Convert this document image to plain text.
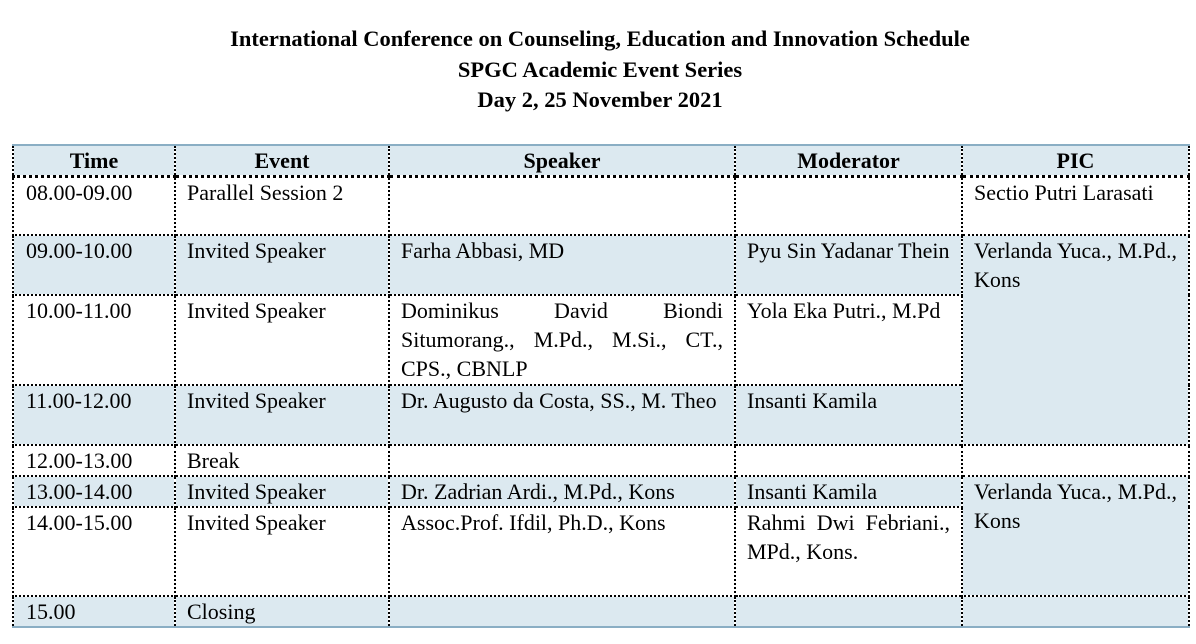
International Conference on Counseling, Education and Innovation Schedule
SPGC Academic Event Series
Day 2, 25 November 2021
Time	Event	Speaker	Moderator	PIC
08.00-09.00	Parallel Session 2			Sectio Putri Larasati
09.00-10.00	Invited Speaker	Farha Abbasi, MD	Pyu Sin Yadanar Thein	Verlanda Yuca., M.Pd., Kons
10.00-11.00	Invited Speaker	Dominikus David Biondi Situmorang., M.Pd., M.Si., CT., CPS., CBNLP	Yola Eka Putri., M.Pd	
11.00-12.00	Invited Speaker	Dr. Augusto da Costa, SS., M. Theo	Insanti Kamila	
12.00-13.00	Break			
13.00-14.00	Invited Speaker	Dr. Zadrian Ardi., M.Pd., Kons	Insanti Kamila	Verlanda Yuca., M.Pd., Kons
14.00-15.00	Invited Speaker	Assoc.Prof. Ifdil, Ph.D., Kons	Rahmi Dwi Febriani., MPd., Kons.	
15.00	Closing			
